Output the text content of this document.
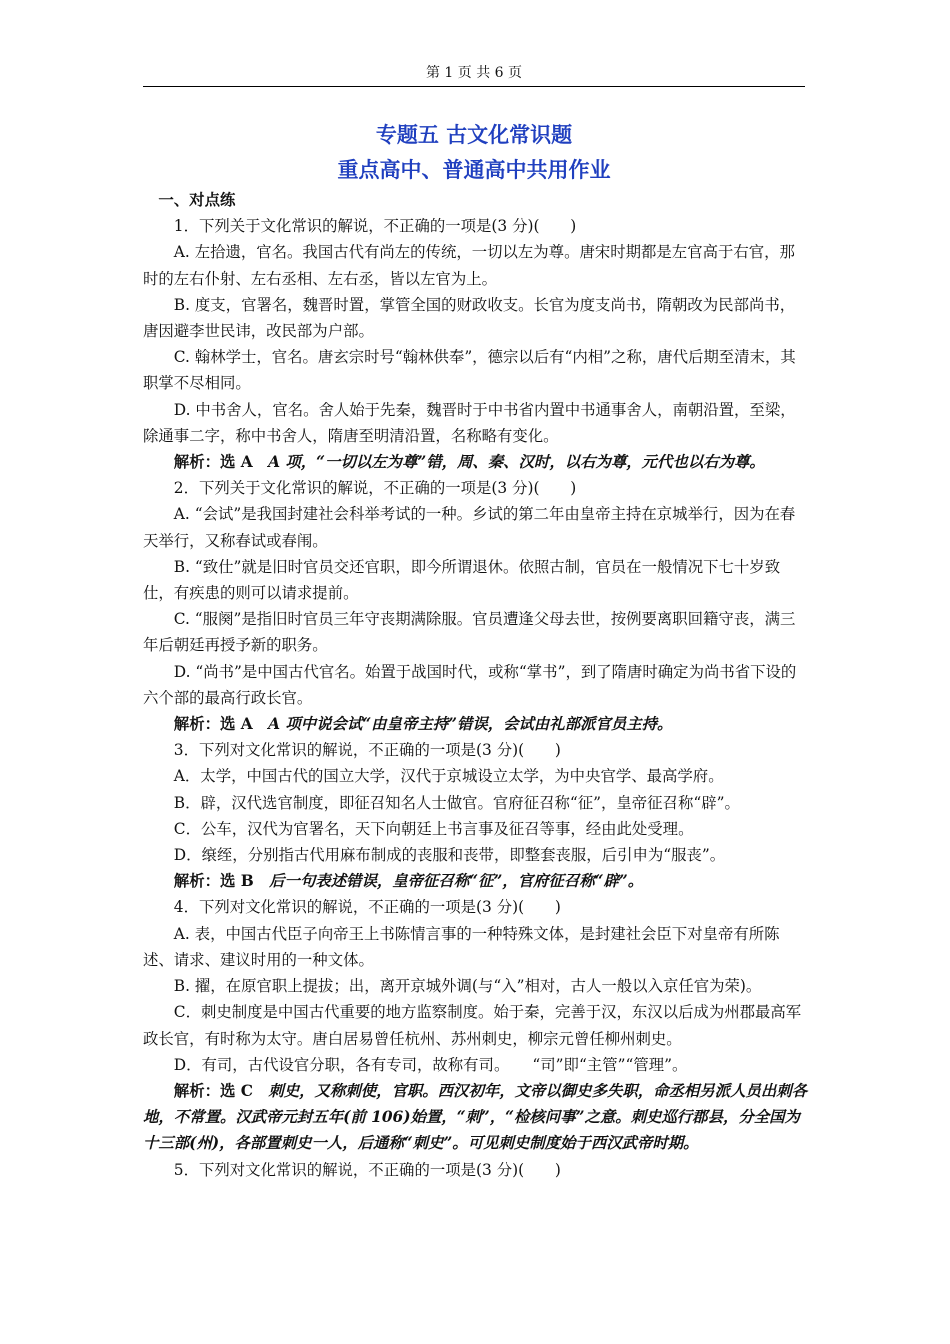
第 1 页 共 6 页
专题五 古文化常识题
重点高中、普通高中共用作业

一、对点练

1．下列关于文化常识的解说，不正确的一项是(3 分)(　　)

A. 左拾遗，官名。我国古代有尚左的传统，一切以左为尊。唐宋时期都是左官高于右官，那时的左右仆射、左右丞相、左右丞，皆以左官为上。

B. 度支，官署名，魏晋时置，掌管全国的财政收支。长官为度支尚书，隋朝改为民部尚书，唐因避李世民讳，改民部为户部。

C. 翰林学士，官名。唐玄宗时号“翰林供奉”，德宗以后有“内相”之称，唐代后期至清末，其职掌不尽相同。

D. 中书舍人，官名。舍人始于先秦，魏晋时于中书省内置中书通事舍人，南朝沿置，至梁，除通事二字，称中书舍人，隋唐至明清沿置，名称略有变化。

解析：选 A　A 项，“一切以左为尊”错，周、秦、汉时，以右为尊，元代也以右为尊。

2．下列关于文化常识的解说，不正确的一项是(3 分)(　　)

A. “会试”是我国封建社会科举考试的一种。乡试的第二年由皇帝主持在京城举行，因为在春天举行，又称春试或春闱。

B. “致仕”就是旧时官员交还官职，即今所谓退休。依照古制，官员在一般情况下七十岁致仕，有疾患的则可以请求提前。

C. “服阕”是指旧时官员三年守丧期满除服。官员遭逢父母去世，按例要离职回籍守丧，满三年后朝廷再授予新的职务。

D. “尚书”是中国古代官名。始置于战国时代，或称“掌书”，到了隋唐时确定为尚书省下设的六个部的最高行政长官。

解析：选 A　A 项中说会试“由皇帝主持”错误，会试由礼部派官员主持。

3．下列对文化常识的解说，不正确的一项是(3 分)(　　)

A．太学，中国古代的国立大学，汉代于京城设立太学，为中央官学、最高学府。

B．辟，汉代选官制度，即征召知名人士做官。官府征召称“征”，皇帝征召称“辟”。

C．公车，汉代为官署名，天下向朝廷上书言事及征召等事，经由此处受理。

D．缞绖，分别指古代用麻布制成的丧服和丧带，即整套丧服，后引申为“服丧”。

解析：选 B　后一句表述错误，皇帝征召称“征”，官府征召称“辟”。

4．下列对文化常识的解说，不正确的一项是(3 分)(　　)

A. 表，中国古代臣子向帝王上书陈情言事的一种特殊文体，是封建社会臣下对皇帝有所陈述、请求、建议时用的一种文体。

B. 擢，在原官职上提拔；出，离开京城外调(与“入”相对，古人一般以入京任官为荣)。

C．刺史制度是中国古代重要的地方监察制度。始于秦，完善于汉，东汉以后成为州郡最高军政长官，有时称为太守。唐白居易曾任杭州、苏州刺史，柳宗元曾任柳州刺史。

D．有司，古代设官分职，各有专司，故称有司。　　“司”即“主管”“管理”。

解析：选 C　刺史，又称刺使，官职。西汉初年，文帝以御史多失职，命丞相另派人员出刺各地，不常置。汉武帝元封五年(前 106)始置，“刺”，“检核问事”之意。刺史巡行郡县，分全国为十三部(州)，各部置刺史一人，后通称“刺史”。可见刺史制度始于西汉武帝时期。

5．下列对文化常识的解说，不正确的一项是(3 分)(　　)
